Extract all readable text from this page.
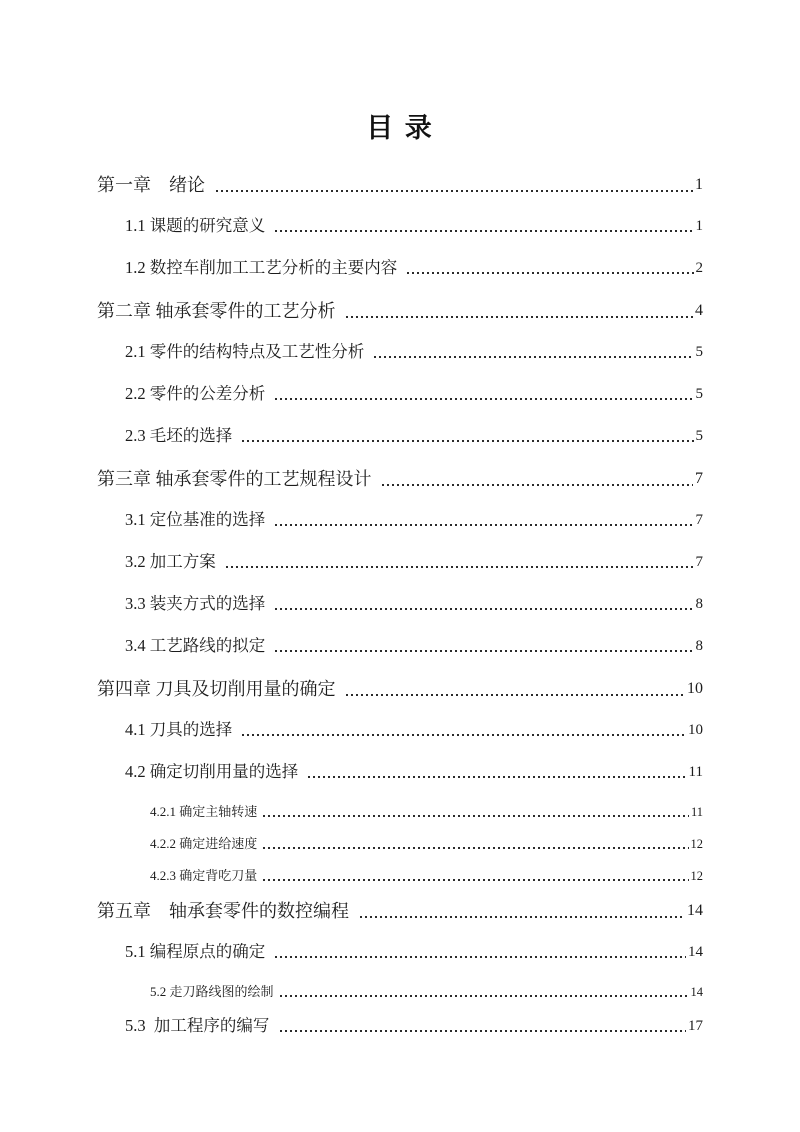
目 录
第一章　绪论	1
1.1 课题的研究意义	1
1.2 数控车削加工工艺分析的主要内容	2
第二章 轴承套零件的工艺分析	4
2.1 零件的结构特点及工艺性分析	5
2.2 零件的公差分析	5
2.3 毛坯的选择	5
第三章 轴承套零件的工艺规程设计	7
3.1 定位基准的选择	7
3.2 加工方案	7
3.3 装夹方式的选择	8
3.4 工艺路线的拟定	8
第四章 刀具及切削用量的确定	10
4.1 刀具的选择	10
4.2 确定切削用量的选择	11
4.2.1 确定主轴转速	11
4.2.2 确定进给速度	12
4.2.3 确定背吃刀量	12
第五章　轴承套零件的数控编程	14
5.1 编程原点的确定	14
5.2 走刀路线图的绘制	14
5.3  加工程序的编写	17
